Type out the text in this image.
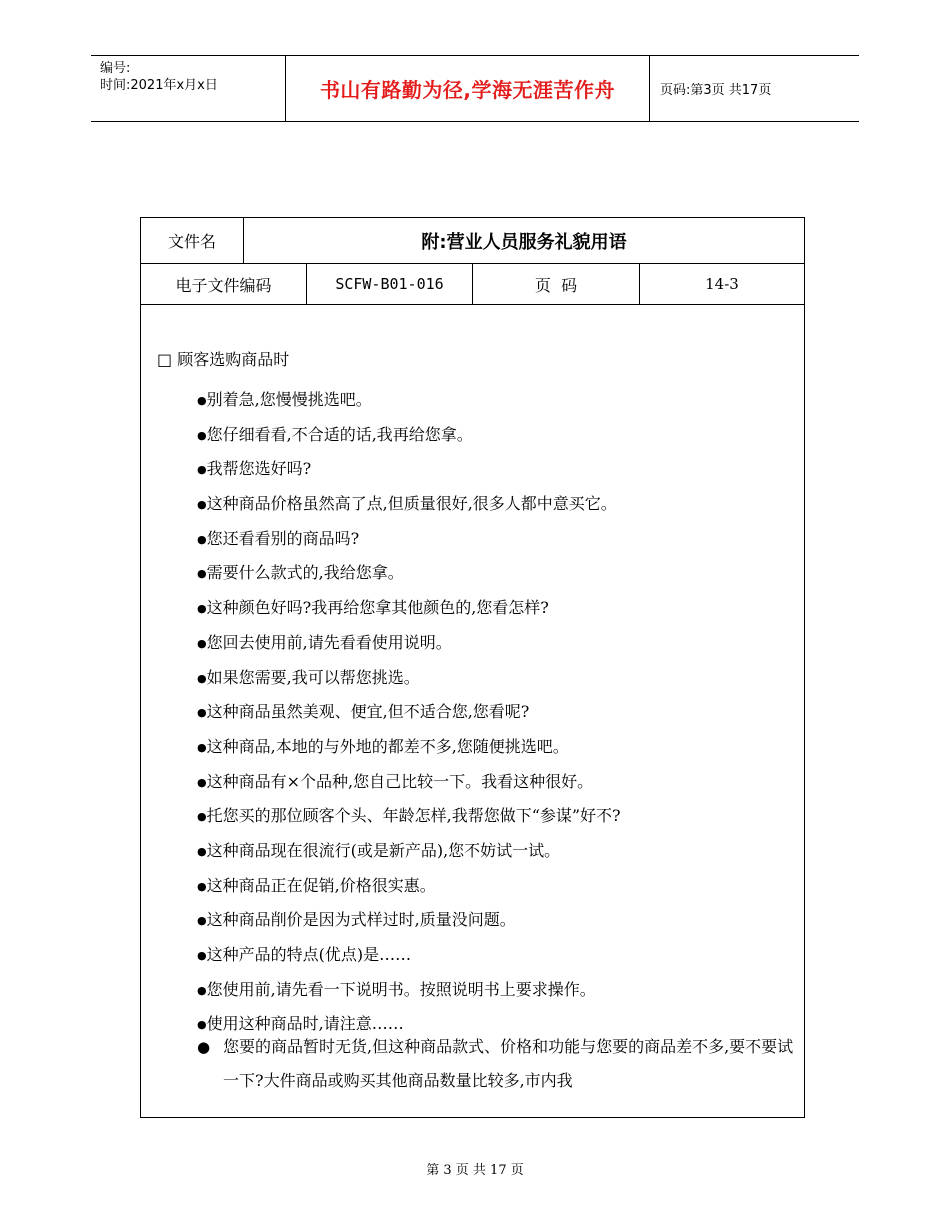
编号:
时间:2021年x月x日	书山有路勤为径,学海无涯苦作舟	页码:第3页 共17页
文件名	附:营业人员服务礼貌用语
电子文件编码	SCFW-B01-016	页  码	14-3
□ 顾客选购商品时
●别着急,您慢慢挑选吧。
●您仔细看看,不合适的话,我再给您拿。
●我帮您选好吗?
●这种商品价格虽然高了点,但质量很好,很多人都中意买它。
●您还看看别的商品吗?
●需要什么款式的,我给您拿。
●这种颜色好吗?我再给您拿其他颜色的,您看怎样?
●您回去使用前,请先看看使用说明。
●如果您需要,我可以帮您挑选。
●这种商品虽然美观、便宜,但不适合您,您看呢?
●这种商品,本地的与外地的都差不多,您随便挑选吧。
●这种商品有×个品种,您自己比较一下。我看这种很好。
●托您买的那位顾客个头、年龄怎样,我帮您做下“参谋”好不?
●这种商品现在很流行(或是新产品),您不妨试一试。
●这种商品正在促销,价格很实惠。
●这种商品削价是因为式样过时,质量没问题。
●这种产品的特点(优点)是……
●您使用前,请先看一下说明书。按照说明书上要求操作。
●使用这种商品时,请注意……
● 您要的商品暂时无货,但这种商品款式、价格和功能与您要的商品差不多,要不要试一下?大件商品或购买其他商品数量比较多,市内我
第 3 页 共 17 页
